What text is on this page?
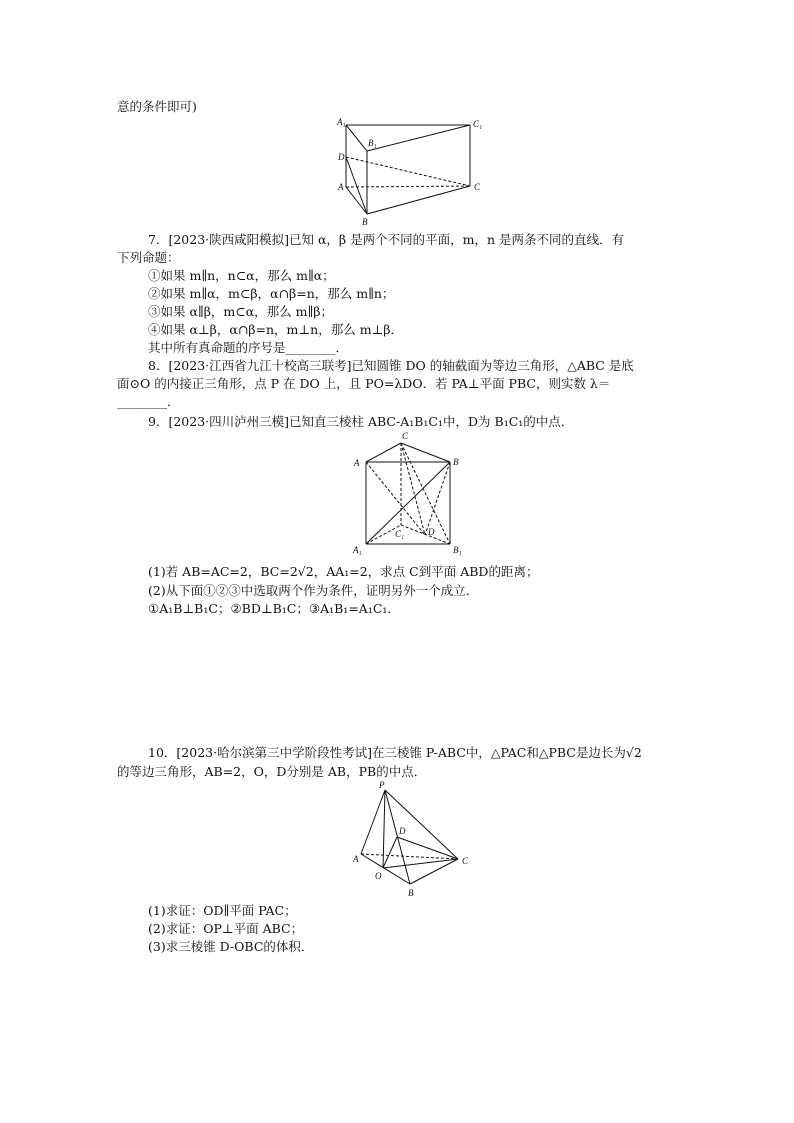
意的条件即可)
A₁	C₁
B₁
D
A	C
B
7．[2023·陕西咸阳模拟]已知 α，β 是两个不同的平面，m，n 是两条不同的直线．有
下列命题：
①如果 m∥n，n⊂α，那么 m∥α；
②如果 m∥α，m⊂β，α∩β=n，那么 m∥n；
③如果 α∥β，m⊂α，那么 m∥β；
④如果 α⊥β，α∩β=n，m⊥n，那么 m⊥β．
其中所有真命题的序号是________．
8．[2023·江西省九江十校高三联考]已知圆锥 DO 的轴截面为等边三角形，△ABC 是底
面⊙O 的内接正三角形，点 P 在 DO 上，且 PO=λDO．若 PA⊥平面 PBC，则实数 λ＝
________．
9．[2023·四川泸州三模]已知直三棱柱 ABC-A₁B₁C₁中，D为 B₁C₁的中点．
C
A	B
C₁	D
A₁	B₁
(1)若 AB=AC=2，BC=2√2，AA₁=2，求点 C到平面 ABD的距离；
(2)从下面①②③中选取两个作为条件，证明另外一个成立．
①A₁B⊥B₁C；②BD⊥B₁C；③A₁B₁=A₁C₁．
10．[2023·哈尔滨第三中学阶段性考试]在三棱锥 P-ABC中，△PAC和△PBC是边长为√2
的等边三角形，AB=2，O，D分别是 AB，PB的中点．
P
D
A	C
O
B
(1)求证：OD∥平面 PAC；
(2)求证：OP⊥平面 ABC；
(3)求三棱锥 D-OBC的体积．
